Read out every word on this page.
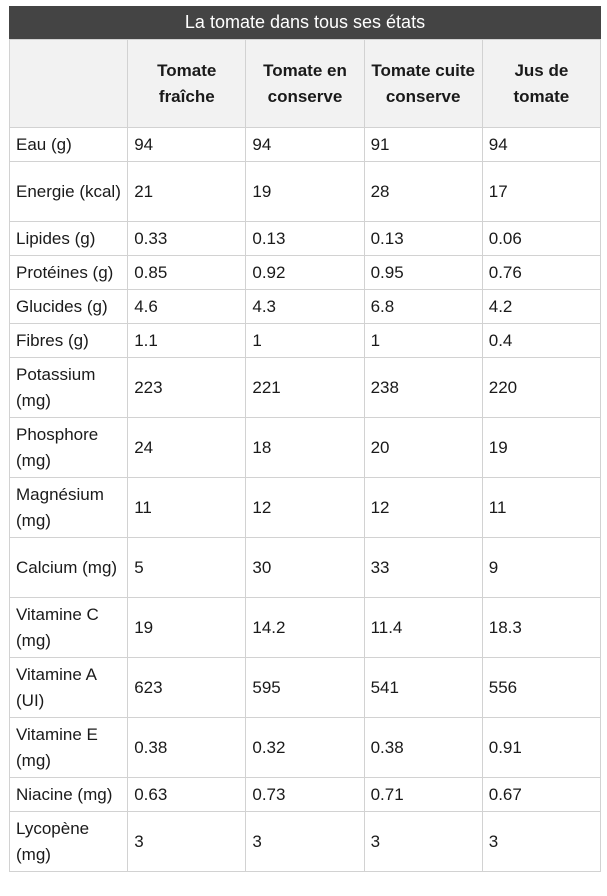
La tomate dans tous ses états
	Tomate fraîche	Tomate en conserve	Tomate cuite conserve	Jus de tomate
Eau (g)	94	94	91	94
Energie (kcal)	21	19	28	17
Lipides (g)	0.33	0.13	0.13	0.06
Protéines (g)	0.85	0.92	0.95	0.76
Glucides (g)	4.6	4.3	6.8	4.2
Fibres (g)	1.1	1	1	0.4
Potassium (mg)	223	221	238	220
Phosphore (mg)	24	18	20	19
Magnésium (mg)	11	12	12	11
Calcium (mg)	5	30	33	9
Vitamine C (mg)	19	14.2	11.4	18.3
Vitamine A (UI)	623	595	541	556
Vitamine E (mg)	0.38	0.32	0.38	0.91
Niacine (mg)	0.63	0.73	0.71	0.67
Lycopène (mg)	3	3	3	3
